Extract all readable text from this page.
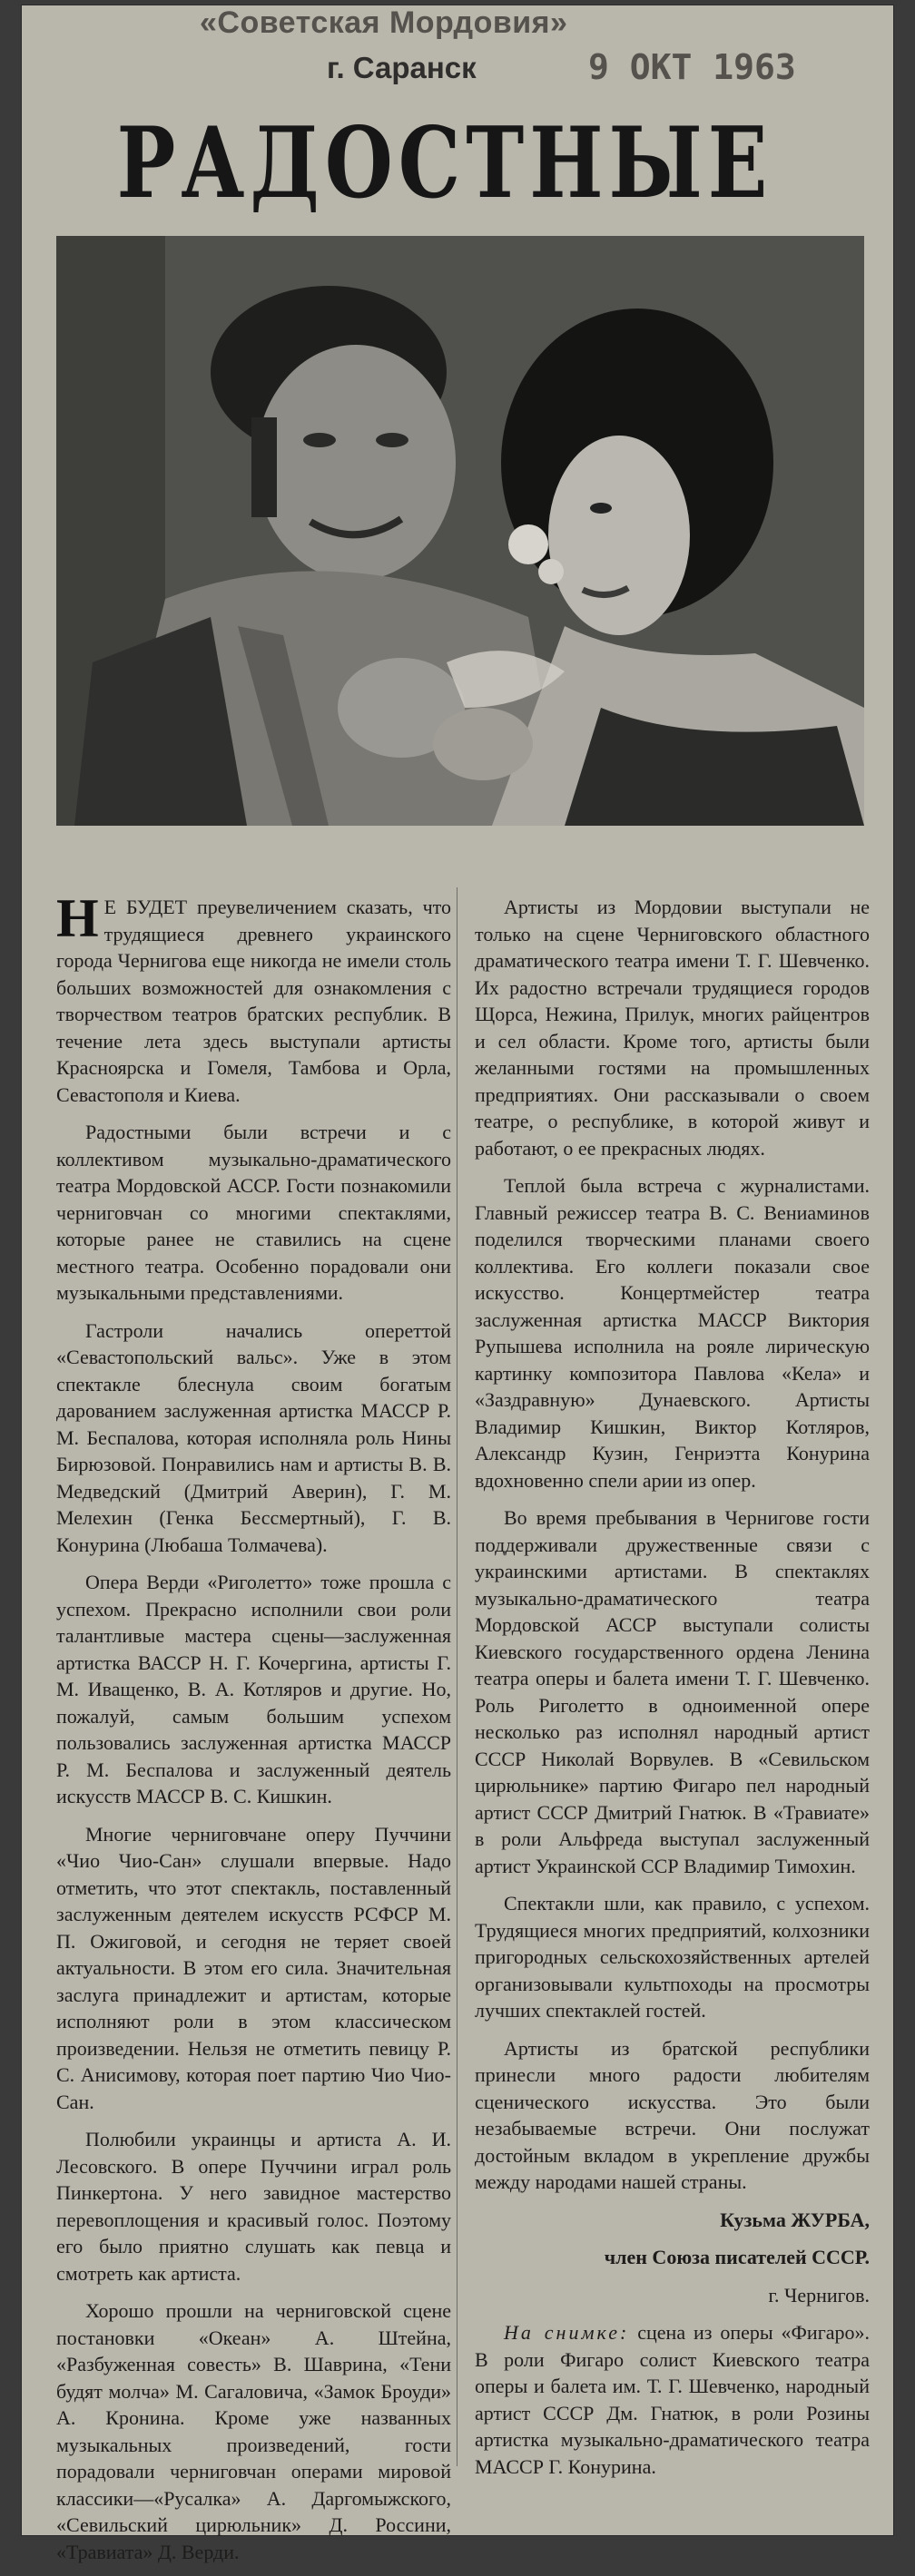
«Советская Мордовия»
г. Саранск	9 ОКТ 1963
РАДОСТНЫЕ

Н Е БУДЕТ преувеличением сказать, что трудящиеся древнего украинского города Чернигова еще никогда не имели столь больших возможностей для ознакомления с творчеством театров братских республик. В течение лета здесь выступали артисты Красноярска и Гомеля, Тамбова и Орла, Севастополя и Киева.

Радостными были встречи и с коллективом музыкально-драматического театра Мордовской АССР. Гости познакомили черниговчан со многими спектаклями, которые ранее не ставились на сцене местного театра. Особенно порадовали они музыкальными представлениями.

Гастроли начались опереттой «Севастопольский вальс». Уже в этом спектакле блеснула своим богатым дарованием заслуженная артистка МАССР Р. М. Беспалова, которая исполняла роль Нины Бирюзовой. Понравились нам и артисты В. В. Медведский (Дмитрий Аверин), Г. М. Мелехин (Генка Бессмертный), Г. В. Конурина (Любаша Толмачева).

Опера Верди «Риголетто» тоже прошла с успехом. Прекрасно исполнили свои роли талантливые мастера сцены—заслуженная артистка ВАССР Н. Г. Кочергина, артисты Г. М. Иващенко, В. А. Котляров и другие. Но, пожалуй, самым большим успехом пользовались заслуженная артистка МАССР Р. М. Беспалова и заслуженный деятель искусств МАССР В. С. Кишкин.

Многие черниговчане оперу Пуччини «Чио Чио-Сан» слушали впервые. Надо отметить, что этот спектакль, поставленный заслуженным деятелем искусств РСФСР М. П. Ожиговой, и сегодня не теряет своей актуальности. В этом его сила. Значительная заслуга принадлежит и артистам, которые исполняют роли в этом классическом произведении. Нельзя не отметить певицу Р. С. Анисимову, которая поет партию Чио Чио-Сан.

Полюбили украинцы и артиста А. И. Лесовского. В опере Пуччини играл роль Пинкертона. У него завидное мастерство перевоплощения и красивый голос. Поэтому его было приятно слушать как певца и смотреть как артиста.

Хорошо прошли на черниговской сцене постановки «Океан» А. Штейна, «Разбуженная совесть» В. Шаврина, «Тени будят молча» М. Сагаловича, «Замок Броуди» А. Кронина. Кроме уже названных музыкальных произведений, гости порадовали черниговчан операми мировой классики—«Русалка» А. Даргомыжского, «Севильский цирюльник» Д. Россини, «Травиата» Д. Верди.

Артисты из Мордовии выступали не только на сцене Черниговского областного драматического театра имени Т. Г. Шевченко. Их радостно встречали трудящиеся городов Щорса, Нежина, Прилук, многих райцентров и сел области. Кроме того, артисты были желанными гостями на промышленных предприятиях. Они рассказывали о своем театре, о республике, в которой живут и работают, о ее прекрасных людях.

Теплой была встреча с журналистами. Главный режиссер театра В. С. Вениаминов поделился творческими планами своего коллектива. Его коллеги показали свое искусство. Концертмейстер театра заслуженная артистка МАССР Виктория Рупышева исполнила на рояле лирическую картинку композитора Павлова «Кела» и «Заздравную» Дунаевского. Артисты Владимир Кишкин, Виктор Котляров, Александр Кузин, Генриэтта Конурина вдохновенно спели арии из опер.

Во время пребывания в Чернигове гости поддерживали дружественные связи с украинскими артистами. В спектаклях музыкально-драматического театра Мордовской АССР выступали солисты Киевского государственного ордена Ленина театра оперы и балета имени Т. Г. Шевченко. Роль Риголетто в одноименной опере несколько раз исполнял народный артист СССР Николай Ворвулев. В «Севильском цирюльнике» партию Фигаро пел народный артист СССР Дмитрий Гнатюк. В «Травиате» в роли Альфреда выступал заслуженный артист Украинской ССР Владимир Тимохин.

Спектакли шли, как правило, с успехом. Трудящиеся многих предприятий, колхозники пригородных сельскохозяйственных артелей организовывали культпоходы на просмотры лучших спектаклей гостей.

Артисты из братской республики принесли много радости любителям сценического искусства. Это были незабываемые встречи. Они послужат достойным вкладом в укрепление дружбы между народами нашей страны.

Кузьма ЖУРБА,

член Союза писателей СССР.

г. Чернигов.

На снимке: сцена из оперы «Фигаро». В роли Фигаро солист Киевского театра оперы и балета им. Т. Г. Шевченко, народный артист СССР Дм. Гнатюк, в роли Розины артистка музыкально-драматического театра МАССР Г. Конурина.
